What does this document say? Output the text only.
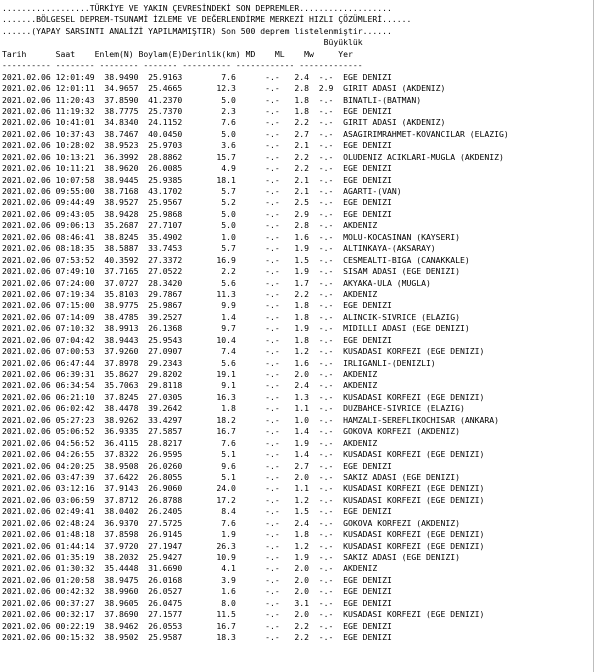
..................TÜRKİYE VE YAKIN ÇEVRESİNDEKİ SON DEPREMLER...................
.......BÖLGESEL DEPREM-TSUNAMİ İZLEME VE DEĞERLENDİRME MERKEZİ HIZLI ÇÖZÜMLERİ......
......(YAPAY SARSINTI ANALİZİ YAPILMAMIŞTIR) Son 500 deprem listelenmiştir......
Büyüklük
Tarih      Saat    Enlem(N) Boylam(E)Derinlik(km) MD    ML    Mw     Yer
---------- -------- -------- ------- ---------- ------------ -------------
2021.02.06 12:01:49  38.9490  25.9163        7.6      -.-   2.4  -.-  EGE DENIZI
2021.02.06 12:01:11  34.9657  25.4665       12.3      -.-   2.8  2.9  GIRIT ADASI (AKDENIZ)
2021.02.06 11:20:43  37.8590  41.2370        5.0      -.-   1.8  -.-  BINATLI-(BATMAN)
2021.02.06 11:19:32  38.7775  25.7370        2.3      -.-   1.8  -.-  EGE DENIZI
2021.02.06 10:41:01  34.8340  24.1152        7.6      -.-   2.2  -.-  GIRIT ADASI (AKDENIZ)
2021.02.06 10:37:43  38.7467  40.0450        5.0      -.-   2.7  -.-  ASAGIRIMRAHMET-KOVANCILAR (ELAZIG)
2021.02.06 10:28:02  38.9523  25.9703        3.6      -.-   2.1  -.-  EGE DENIZI
2021.02.06 10:13:21  36.3992  28.8862       15.7      -.-   2.2  -.-  OLUDENIZ ACIKLARI-MUGLA (AKDENIZ)
2021.02.06 10:11:21  38.9620  26.0085        4.9      -.-   2.2  -.-  EGE DENIZI
2021.02.06 10:07:58  38.9445  25.9385       18.1      -.-   2.1  -.-  EGE DENIZI
2021.02.06 09:55:00  38.7168  43.1702        5.7      -.-   2.1  -.-  AGARTI-(VAN)
2021.02.06 09:44:49  38.9527  25.9567        5.2      -.-   2.5  -.-  EGE DENIZI
2021.02.06 09:43:05  38.9428  25.9868        5.0      -.-   2.9  -.-  EGE DENIZI
2021.02.06 09:06:13  35.2687  27.7107        5.0      -.-   2.8  -.-  AKDENIZ
2021.02.06 08:46:41  38.8245  35.4902        1.0      -.-   1.6  -.-  MOLU-KOCASINAN (KAYSERI)
2021.02.06 08:18:35  38.5887  33.7453        5.7      -.-   1.9  -.-  ALTINKAYA-(AKSARAY)
2021.02.06 07:53:52  40.3592  27.3372       16.9      -.-   1.5  -.-  CESMEALTI-BIGA (CANAKKALE)
2021.02.06 07:49:10  37.7165  27.0522        2.2      -.-   1.9  -.-  SISAM ADASI (EGE DENIZI)
2021.02.06 07:24:00  37.0727  28.3420        5.6      -.-   1.7  -.-  AKYAKA-ULA (MUGLA)
2021.02.06 07:19:34  35.8103  29.7867       11.3      -.-   2.2  -.-  AKDENIZ
2021.02.06 07:15:00  38.9775  25.9867        9.9      -.-   1.8  -.-  EGE DENIZI
2021.02.06 07:14:09  38.4785  39.2527        1.4      -.-   1.8  -.-  ALINCIK-SIVRICE (ELAZIG)
2021.02.06 07:10:32  38.9913  26.1368        9.7      -.-   1.9  -.-  MIDILLI ADASI (EGE DENIZI)
2021.02.06 07:04:42  38.9443  25.9543       10.4      -.-   1.8  -.-  EGE DENIZI
2021.02.06 07:00:53  37.9260  27.0907        7.4      -.-   1.2  -.-  KUSADASI KORFEZI (EGE DENIZI)
2021.02.06 06:47:44  37.8978  29.2343        5.6      -.-   1.6  -.-  IRLIGANLI-(DENIZLI)
2021.02.06 06:39:31  35.8627  29.8202       19.1      -.-   2.0  -.-  AKDENIZ
2021.02.06 06:34:54  35.7063  29.8118        9.1      -.-   2.4  -.-  AKDENIZ
2021.02.06 06:21:10  37.8245  27.0305       16.3      -.-   1.3  -.-  KUSADASI KORFEZI (EGE DENIZI)
2021.02.06 06:02:42  38.4478  39.2642        1.8      -.-   1.1  -.-  DUZBAHCE-SIVRICE (ELAZIG)
2021.02.06 05:27:23  38.9262  33.4297       18.2      -.-   1.0  -.-  HAMZALI-SEREFLIKOCHISAR (ANKARA)
2021.02.06 05:06:52  36.9335  27.5857       16.7      -.-   1.4  -.-  GOKOVA KORFEZI (AKDENIZ)
2021.02.06 04:56:52  36.4115  28.8217        7.6      -.-   1.9  -.-  AKDENIZ
2021.02.06 04:26:55  37.8322  26.9595        5.1      -.-   1.4  -.-  KUSADASI KORFEZI (EGE DENIZI)
2021.02.06 04:20:25  38.9508  26.0260        9.6      -.-   2.7  -.-  EGE DENIZI
2021.02.06 03:47:39  37.6422  26.8055        5.1      -.-   2.0  -.-  SAKIZ ADASI (EGE DENIZI)
2021.02.06 03:12:16  37.9143  26.9060       24.0      -.-   1.1  -.-  KUSADASI KORFEZI (EGE DENIZI)
2021.02.06 03:06:59  37.8712  26.8788       17.2      -.-   1.2  -.-  KUSADASI KORFEZI (EGE DENIZI)
2021.02.06 02:49:41  38.0402  26.2405        8.4      -.-   1.5  -.-  EGE DENIZI
2021.02.06 02:48:24  36.9370  27.5725        7.6      -.-   2.4  -.-  GOKOVA KORFEZI (AKDENIZ)
2021.02.06 01:48:18  37.8598  26.9145        1.9      -.-   1.8  -.-  KUSADASI KORFEZI (EGE DENIZI)
2021.02.06 01:44:14  37.9720  27.1947       26.3      -.-   1.2  -.-  KUSADASI KORFEZI (EGE DENIZI)
2021.02.06 01:35:19  38.2032  25.9427       10.9      -.-   1.9  -.-  SAKIZ ADASI (EGE DENIZI)
2021.02.06 01:30:32  35.4448  31.6690        4.1      -.-   2.0  -.-  AKDENIZ
2021.02.06 01:20:58  38.9475  26.0168        3.9      -.-   2.0  -.-  EGE DENIZI
2021.02.06 00:42:32  38.9960  26.0527        1.6      -.-   2.0  -.-  EGE DENIZI
2021.02.06 00:37:27  38.9605  26.0475        8.0      -.-   3.1  -.-  EGE DENIZI
2021.02.06 00:32:17  37.8690  27.1577       11.5      -.-   2.0  -.-  KUSADASI KORFEZI (EGE DENIZI)
2021.02.06 00:22:19  38.9462  26.0553       16.7      -.-   2.2  -.-  EGE DENIZI
2021.02.06 00:15:32  38.9502  25.9587       18.3      -.-   2.2  -.-  EGE DENIZI
